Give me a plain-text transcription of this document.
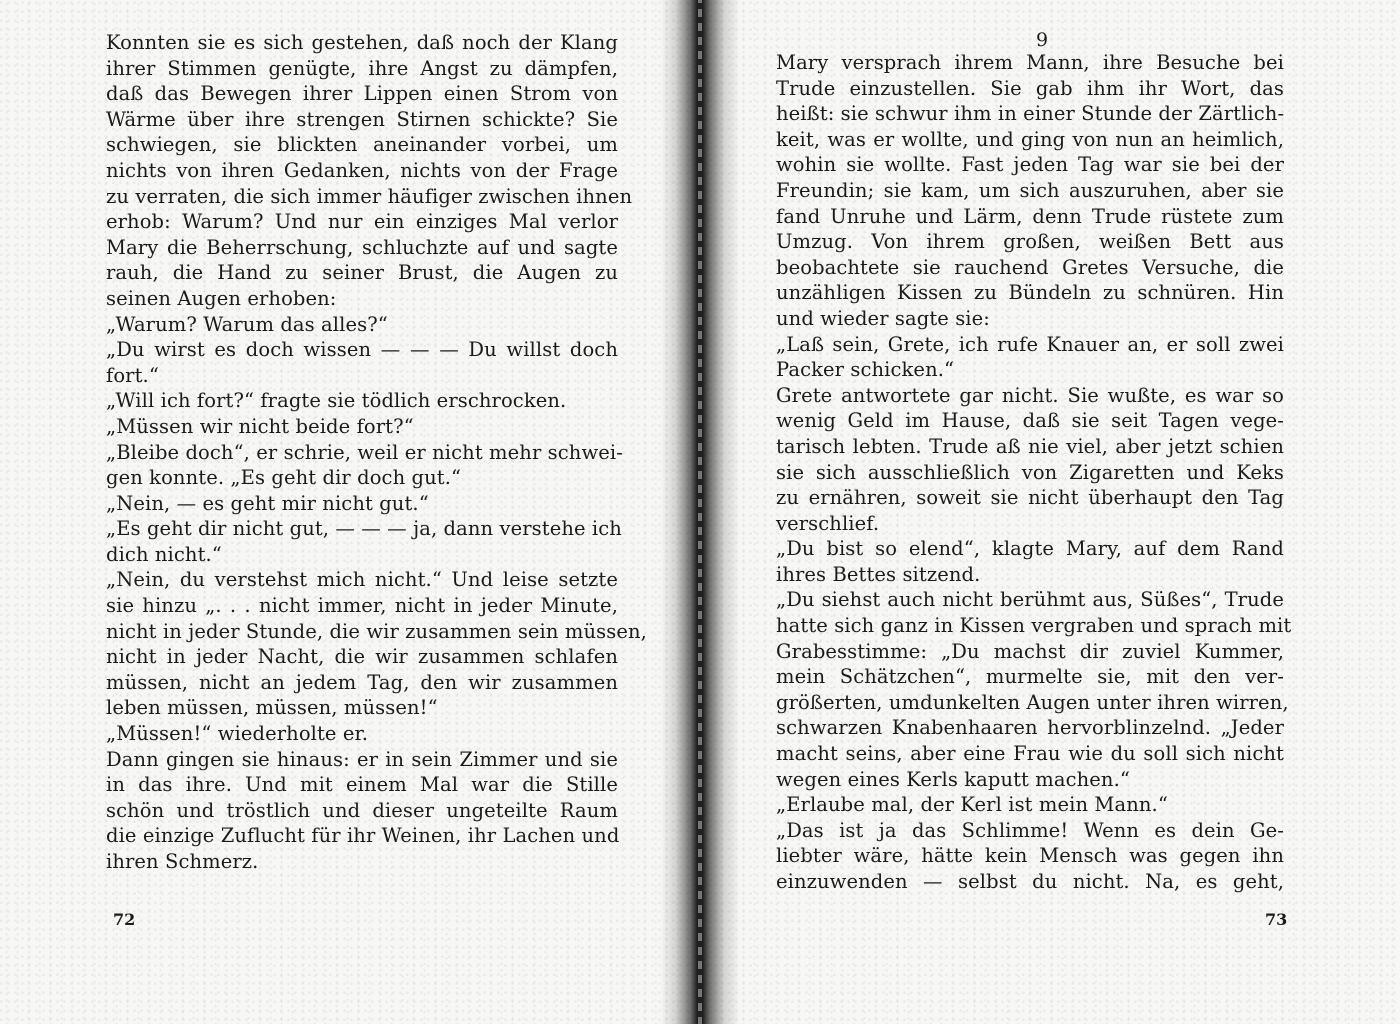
Konnten sie es sich gestehen, daß noch der Klang
ihrer Stimmen genügte, ihre Angst zu dämpfen,
daß das Bewegen ihrer Lippen einen Strom von
Wärme über ihre strengen Stirnen schickte? Sie
schwiegen, sie blickten aneinander vorbei, um
nichts von ihren Gedanken, nichts von der Frage
zu verraten, die sich immer häufiger zwischen ihnen
erhob: Warum? Und nur ein einziges Mal verlor
Mary die Beherrschung, schluchzte auf und sagte
rauh, die Hand zu seiner Brust, die Augen zu
seinen Augen erhoben:
„Warum? Warum das alles?“
„Du wirst es doch wissen — — — Du willst doch
fort.“
„Will ich fort?“ fragte sie tödlich erschrocken.
„Müssen wir nicht beide fort?“
„Bleibe doch“, er schrie, weil er nicht mehr schwei-
gen konnte. „Es geht dir doch gut.“
„Nein, — es geht mir nicht gut.“
„Es geht dir nicht gut, — — — ja, dann verstehe ich
dich nicht.“
„Nein, du verstehst mich nicht.“ Und leise setzte
sie hinzu „. . . nicht immer, nicht in jeder Minute,
nicht in jeder Stunde, die wir zusammen sein müssen,
nicht in jeder Nacht, die wir zusammen schlafen
müssen, nicht an jedem Tag, den wir zusammen
leben müssen, müssen, müssen!“
„Müssen!“ wiederholte er.
Dann gingen sie hinaus: er in sein Zimmer und sie
in das ihre. Und mit einem Mal war die Stille
schön und tröstlich und dieser ungeteilte Raum
die einzige Zuflucht für ihr Weinen, ihr Lachen und
ihren Schmerz.
72
9
Mary versprach ihrem Mann, ihre Besuche bei
Trude einzustellen. Sie gab ihm ihr Wort, das
heißt: sie schwur ihm in einer Stunde der Zärtlich-
keit, was er wollte, und ging von nun an heimlich,
wohin sie wollte. Fast jeden Tag war sie bei der
Freundin; sie kam, um sich auszuruhen, aber sie
fand Unruhe und Lärm, denn Trude rüstete zum
Umzug. Von ihrem großen, weißen Bett aus
beobachtete sie rauchend Gretes Versuche, die
unzähligen Kissen zu Bündeln zu schnüren. Hin
und wieder sagte sie:
„Laß sein, Grete, ich rufe Knauer an, er soll zwei
Packer schicken.“
Grete antwortete gar nicht. Sie wußte, es war so
wenig Geld im Hause, daß sie seit Tagen vege-
tarisch lebten. Trude aß nie viel, aber jetzt schien
sie sich ausschließlich von Zigaretten und Keks
zu ernähren, soweit sie nicht überhaupt den Tag
verschlief.
„Du bist so elend“, klagte Mary, auf dem Rand
ihres Bettes sitzend.
„Du siehst auch nicht berühmt aus, Süßes“, Trude
hatte sich ganz in Kissen vergraben und sprach mit
Grabesstimme: „Du machst dir zuviel Kummer,
mein Schätzchen“, murmelte sie, mit den ver-
größerten, umdunkelten Augen unter ihren wirren,
schwarzen Knabenhaaren hervorblinzelnd. „Jeder
macht seins, aber eine Frau wie du soll sich nicht
wegen eines Kerls kaputt machen.“
„Erlaube mal, der Kerl ist mein Mann.“
„Das ist ja das Schlimme! Wenn es dein Ge-
liebter wäre, hätte kein Mensch was gegen ihn
einzuwenden — selbst du nicht. Na, es geht,
73
